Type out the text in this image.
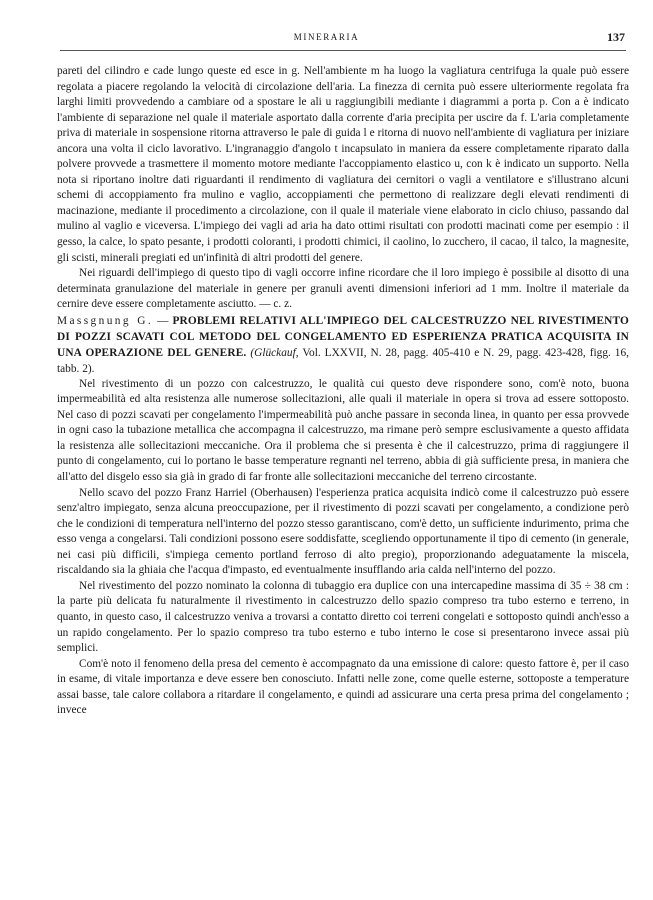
MINERARIA	137

pareti del cilindro e cade lungo queste ed esce in g. Nell'ambiente m ha luogo la vagliatura centrifuga la quale può essere regolata a piacere regolando la velocità di circolazione dell'aria. La finezza di cernita può essere ulteriormente regolata fra larghi limiti provvedendo a cambiare od a spostare le ali u raggiungibili mediante i diagrammi a porta p. Con a è indicato l'ambiente di separazione nel quale il materiale asportato dalla corrente d'aria precipita per uscire da f. L'aria completamente priva di materiale in sospensione ritorna attraverso le pale di guida l e ritorna di nuovo nell'ambiente di vagliatura per iniziare ancora una volta il ciclo lavorativo. L'ingranaggio d'angolo t incapsulato in maniera da essere completamente riparato dalla polvere provvede a trasmettere il momento motore mediante l'accoppiamento elastico u, con k è indicato un supporto. Nella nota si riportano inoltre dati riguardanti il rendimento di vagliatura dei cernitori o vagli a ventilatore e s'illustrano alcuni schemi di accoppiamento fra mulino e vaglio, accoppiamenti che permettono di realizzare degli elevati rendimenti di macinazione, mediante il procedimento a circolazione, con il quale il materiale viene elaborato in ciclo chiuso, passando dal mulino al vaglio e viceversa. L'impiego dei vagli ad aria ha dato ottimi risultati con prodotti macinati come per esempio : il gesso, la calce, lo spato pesante, i prodotti coloranti, i prodotti chimici, il caolino, lo zucchero, il cacao, il talco, la magnesite, gli scisti, minerali pregiati ed un'infinità di altri prodotti del genere.

Nei riguardi dell'impiego di questo tipo di vagli occorre infine ricordare che il loro impiego è possibile al disotto di una determinata granulazione del materiale in genere per granuli aventi dimensioni inferiori ad 1 mm. Inoltre il materiale da cernire deve essere completamente asciutto. — c. z.

Massgnung G. — PROBLEMI RELATIVI ALL'IMPIEGO DEL CALCESTRUZZO NEL RIVESTIMENTO DI POZZI SCAVATI COL METODO DEL CONGELAMENTO ED ESPERIENZA PRATICA ACQUISITA IN UNA OPERAZIONE DEL GENERE. (Glückauf, Vol. LXXVII, N. 28, pagg. 405-410 e N. 29, pagg. 423-428, figg. 16, tabb. 2).

Nel rivestimento di un pozzo con calcestruzzo, le qualità cui questo deve rispondere sono, com'è noto, buona impermeabilità ed alta resistenza alle numerose sollecitazioni, alle quali il materiale in opera si trova ad essere sottoposto. Nel caso di pozzi scavati per congelamento l'impermeabilità può anche passare in seconda linea, in quanto per essa provvede in ogni caso la tubazione metallica che accompagna il calcestruzzo, ma rimane però sempre esclusivamente a questo affidata la resistenza alle sollecitazioni meccaniche. Ora il problema che si presenta è che il calcestruzzo, prima di raggiungere il punto di congelamento, cui lo portano le basse temperature regnanti nel terreno, abbia di già sufficiente presa, in maniera che all'atto del disgelo esso sia già in grado di far fronte alle sollecitazioni meccaniche del terreno circostante.

Nello scavo del pozzo Franz Harriel (Oberhausen) l'esperienza pratica acquisita indicò come il calcestruzzo può essere senz'altro impiegato, senza alcuna preoccupazione, per il rivestimento di pozzi scavati per congelamento, a condizione però che le condizioni di temperatura nell'interno del pozzo stesso garantiscano, com'è detto, un sufficiente indurimento, prima che esso venga a congelarsi. Tali condizioni possono esere soddisfatte, scegliendo opportunamente il tipo di cemento (in generale, nei casi più difficili, s'impiega cemento portland ferroso di alto pregio), proporzionando adeguatamente la miscela, riscaldando sia la ghiaia che l'acqua d'impasto, ed eventualmente insufflando aria calda nell'interno del pozzo.

Nel rivestimento del pozzo nominato la colonna di tubaggio era duplice con una intercapedine massima di 35 ÷ 38 cm : la parte più delicata fu naturalmente il rivestimento in calcestruzzo dello spazio compreso tra tubo esterno e terreno, in quanto, in questo caso, il calcestruzzo veniva a trovarsi a contatto diretto coi terreni congelati e sottoposto quindi anch'esso a un rapido congelamento. Per lo spazio compreso tra tubo esterno e tubo interno le cose si presentarono invece assai più semplici.

Com'è noto il fenomeno della presa del cemento è accompagnato da una emissione di calore: questo fattore è, per il caso in esame, di vitale importanza e deve essere ben conosciuto. Infatti nelle zone, come quelle esterne, sottoposte a temperature assai basse, tale calore collabora a ritardare il congelamento, e quindi ad assicurare una certa presa prima del congelamento ; invece
